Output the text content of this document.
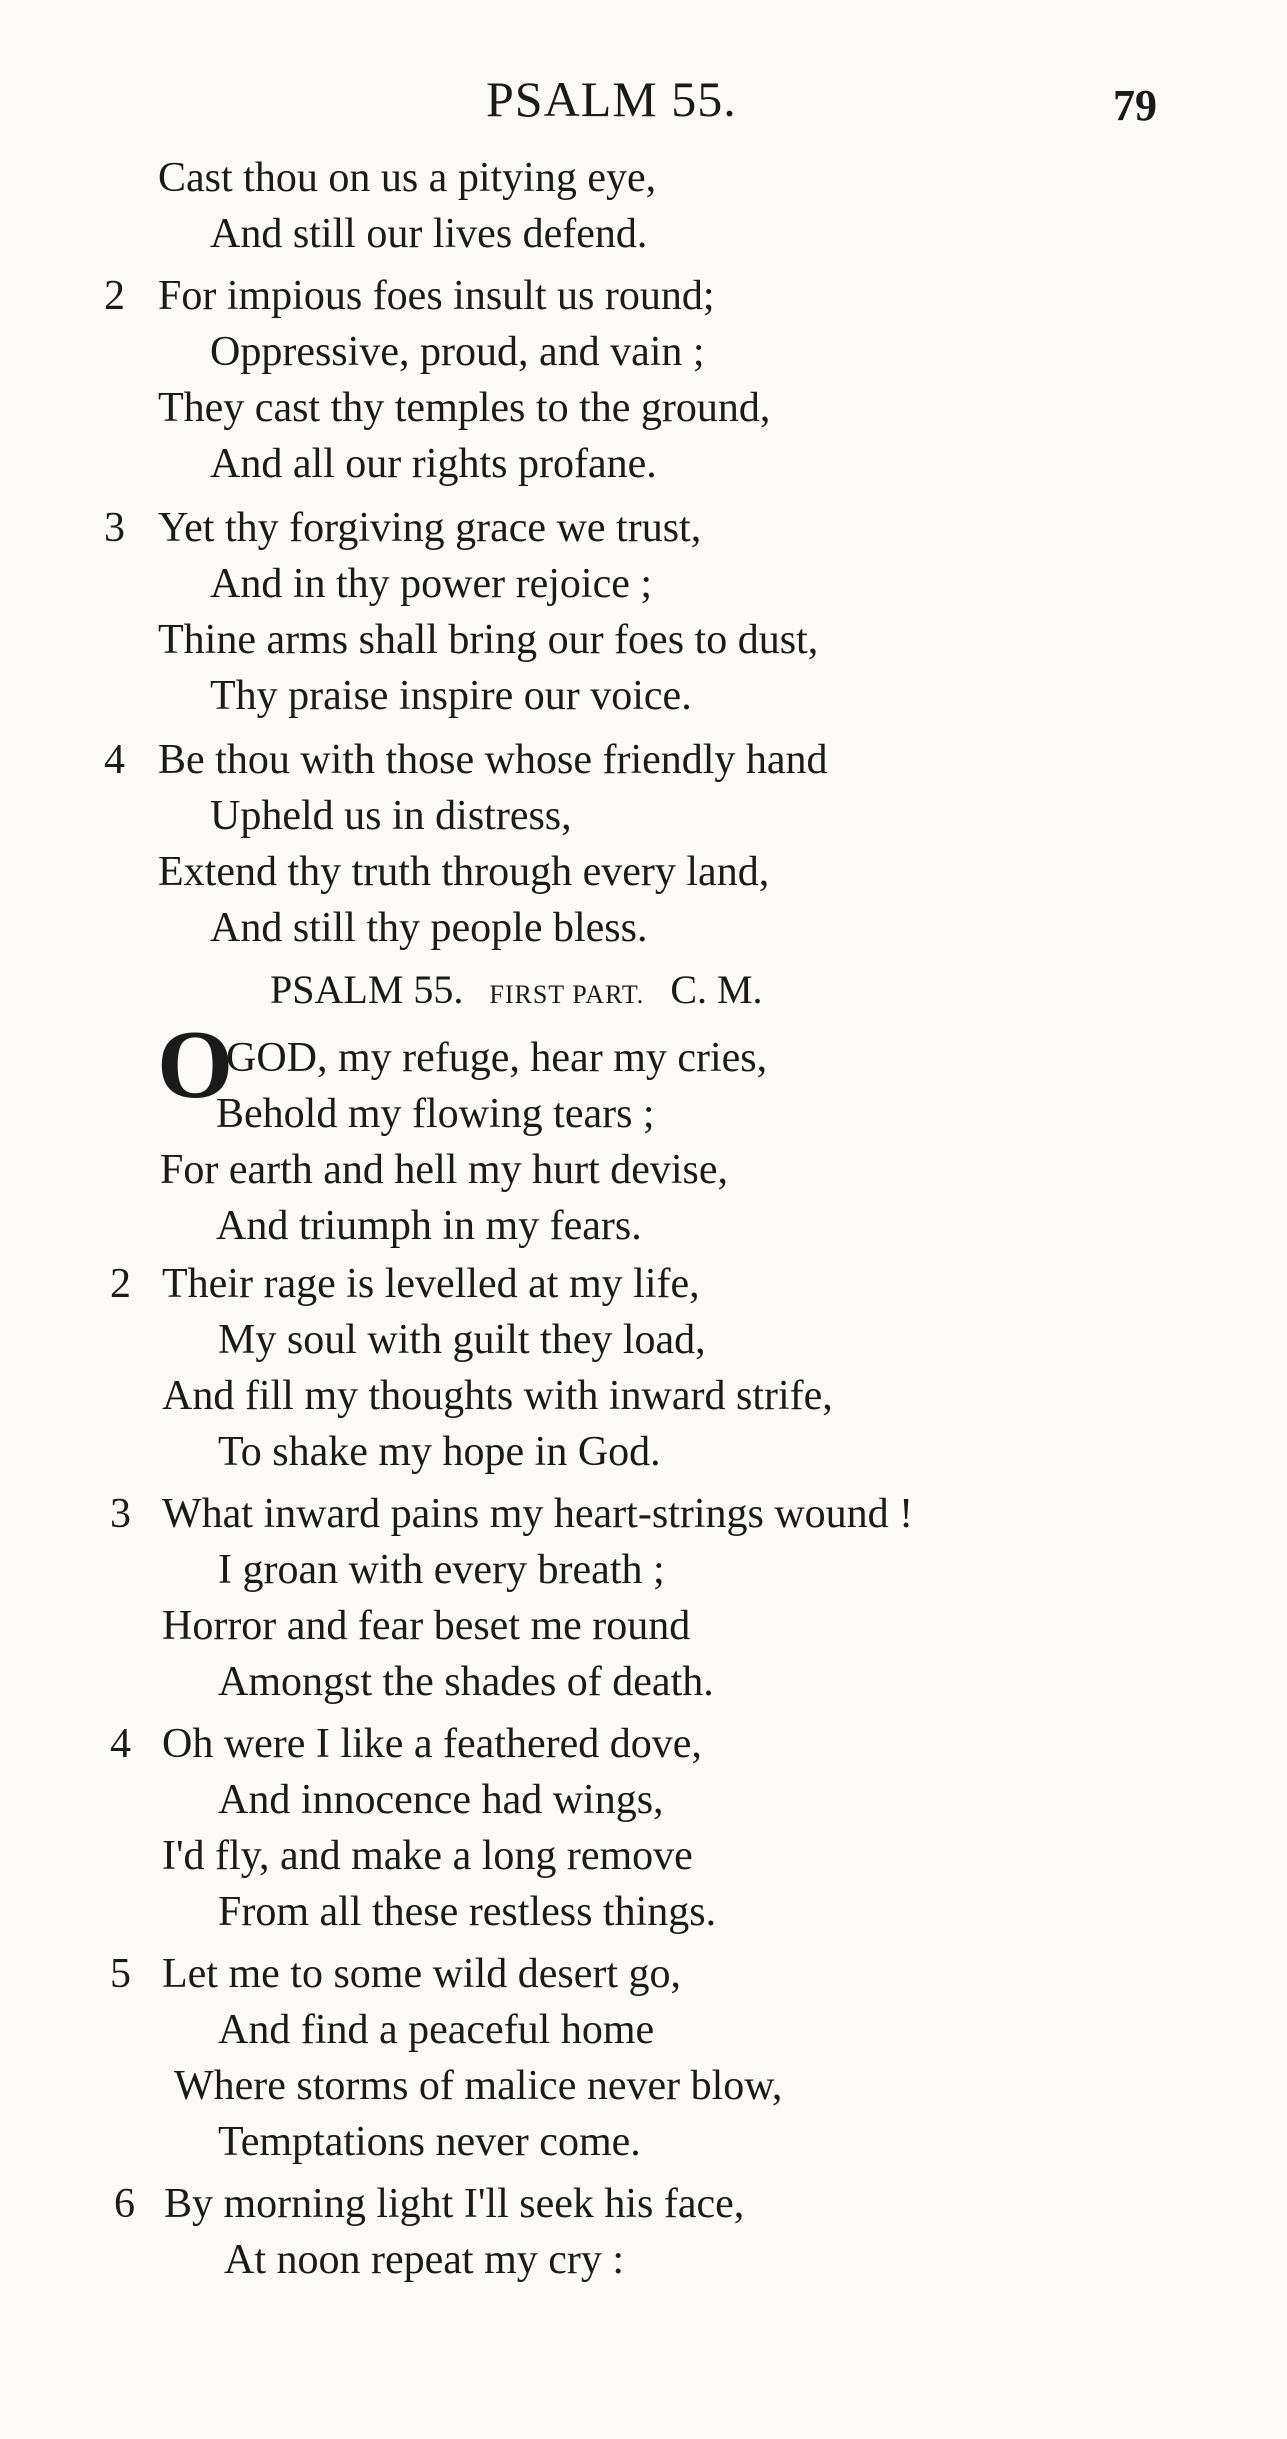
PSALM 55.	79
Cast thou on us a pitying eye,
And still our lives defend.
2 For impious foes insult us round;
Oppressive, proud, and vain ;
They cast thy temples to the ground,
And all our rights profane.
3 Yet thy forgiving grace we trust,
And in thy power rejoice ;
Thine arms shall bring our foes to dust,
Thy praise inspire our voice.
4 Be thou with those whose friendly hand
Upheld us in distress,
Extend thy truth through every land,
And still thy people bless.
PSALM 55. FIRST PART. C. M.
O
GOD, my refuge, hear my cries,
Behold my flowing tears ;
For earth and hell my hurt devise,
And triumph in my fears.
2 Their rage is levelled at my life,
My soul with guilt they load,
And fill my thoughts with inward strife,
To shake my hope in God.
3 What inward pains my heart-strings wound !
I groan with every breath ;
Horror and fear beset me round
Amongst the shades of death.
4 Oh were I like a feathered dove,
And innocence had wings,
I'd fly, and make a long remove
From all these restless things.
5 Let me to some wild desert go,
And find a peaceful home
Where storms of malice never blow,
Temptations never come.
6 By morning light I'll seek his face,
At noon repeat my cry :
